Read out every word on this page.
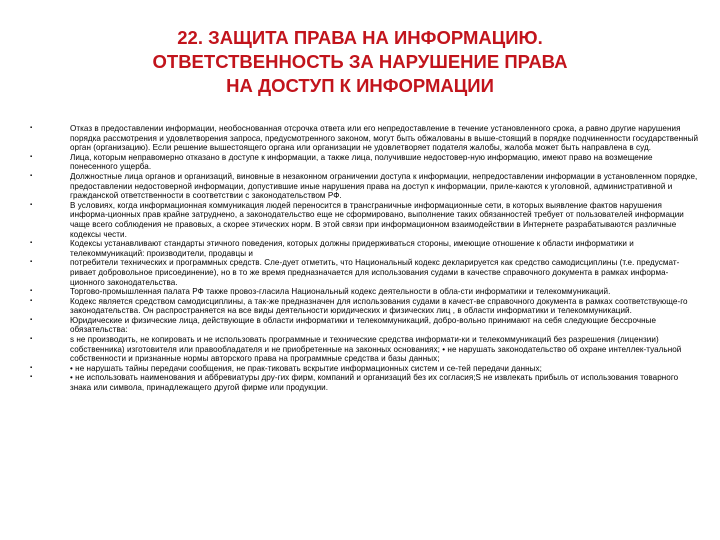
22. ЗАЩИТА ПРАВА НА ИНФОРМАЦИЮ.
ОТВЕТСТВЕННОСТЬ ЗА НАРУШЕНИЕ ПРАВА
НА ДОСТУП К ИНФОРМАЦИИ
▪	Отказ в предоставлении информации, необоснованная отсрочка ответа или его непредоставление в течение установленного срока, а равно другие нарушения порядка рассмотрения и удовлетворения запроса, предусмотренного законом, могут быть обжалованы в выше-стоящий в порядке подчиненности государственный орган (организацию). Если решение вышестоящего органа или организации не удовлетворяет подателя жалобы, жалоба может быть направлена в суд.
▪	Лица, которым неправомерно отказано в доступе к информации, а также лица, получившие недостовер-ную информацию, имеют право на возмещение понесенного ущерба.
▪	Должностные лица органов и организаций, виновные в незаконном ограничении доступа к информации, непредоставлении информации в установленном порядке, предоставлении недостоверной информации, допустившие иные нарушения права на доступ к информации, приле-каются к уголовной, административной и гражданской ответственности в соответствии с законодательством РФ.
▪	В условиях, когда информационная коммуникация людей переносится в трансграничные информационные сети, в которых выявление фактов нарушения информа-ционных прав крайне затруднено, а законодательство еще не сформировано, выполнение таких обязанностей требует от пользователей информации чаще всего соблюдения не правовых, а скорее этических норм. В этой связи при информационном взаимодействии в Интернете разрабатываются различные кодексы чести.
▪	Кодексы устанавливают стандарты этичного поведения, которых должны придерживаться стороны, имеющие отношение к области информатики и телекоммуникаций: производители, продавцы и
▪	потребители технических и программных средств. Сле-дует отметить, что Национальный кодекс декларируется как средство самодисциплины (т.е. предусмат-ривает добровольное присоединение), но в то же время предназначается для использования судами в качестве справочного документа в рамках информа-ционного законодательства.
▪	Торгово-промышленная палата РФ также провоз-гласила Национальный кодекс деятельности в обла-сти информатики и телекоммуникаций.
▪	Кодекс является средством самодисциплины, а так-же предназначен для использования судами в качест-ве справочного документа в рамках соответствующе-го законодательства. Он распространяется на все виды деятельности юридических и физических лиц , в области информатики и телекоммуникаций.
▪	Юридические и физические лица, действующие в области информатики и телекоммуникаций, добро-вольно принимают на себя следующие бессрочные обязательства:
▪	s не производить, не копировать и не использовать программные и технические средства информати-ки и телекоммуникаций без разрешения (лицензии) собственника) изготовителя или правообладателя и не приобретенные на законных основаниях; • не нарушать законодательство об охране интеллек-туальной собственности и признанные нормы авторского права на программные средства и базы данных;
▪	• не нарушать тайны передачи сообщения, не прак-тиковать вскрытие информационных систем и се-тей передачи данных;
▪	• не использовать наименования и аббревиатуры дру-гих фирм, компаний и организаций без их согласия;S не извлекать прибыль от использования товарного знака или символа, принадлежащего другой фирме или продукции.
